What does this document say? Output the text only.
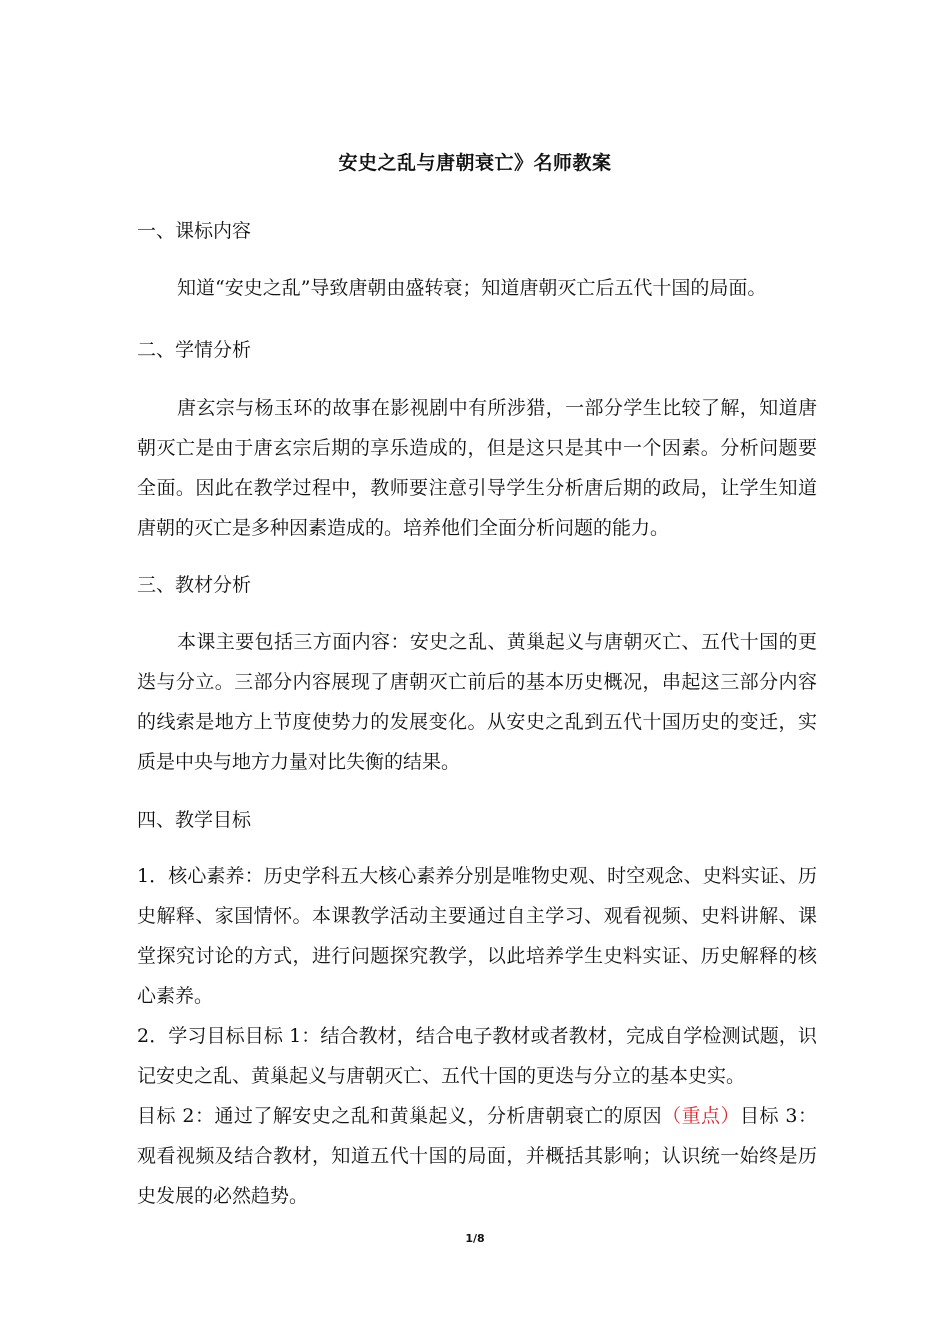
安史之乱与唐朝衰亡》名师教案
一、课标内容
知道“安史之乱”导致唐朝由盛转衰；知道唐朝灭亡后五代十国的局面。
二、学情分析
唐玄宗与杨玉环的故事在影视剧中有所涉猎，一部分学生比较了解，知道唐朝灭亡是由于唐玄宗后期的享乐造成的，但是这只是其中一个因素。分析问题要全面。因此在教学过程中，教师要注意引导学生分析唐后期的政局，让学生知道唐朝的灭亡是多种因素造成的。培养他们全面分析问题的能力。
三、教材分析
本课主要包括三方面内容：安史之乱、黄巢起义与唐朝灭亡、五代十国的更迭与分立。三部分内容展现了唐朝灭亡前后的基本历史概况，串起这三部分内容的线索是地方上节度使势力的发展变化。从安史之乱到五代十国历史的变迁，实质是中央与地方力量对比失衡的结果。
四、教学目标
1．核心素养：历史学科五大核心素养分别是唯物史观、时空观念、史料实证、历史解释、家国情怀。本课教学活动主要通过自主学习、观看视频、史料讲解、课堂探究讨论的方式，进行问题探究教学，以此培养学生史料实证、历史解释的核心素养。
2．学习目标目标 1：结合教材，结合电子教材或者教材，完成自学检测试题，识记安史之乱、黄巢起义与唐朝灭亡、五代十国的更迭与分立的基本史实。
目标 2：通过了解安史之乱和黄巢起义，分析唐朝衰亡的原因（重点）目标 3：观看视频及结合教材，知道五代十国的局面，并概括其影响；认识统一始终是历史发展的必然趋势。
1/8
